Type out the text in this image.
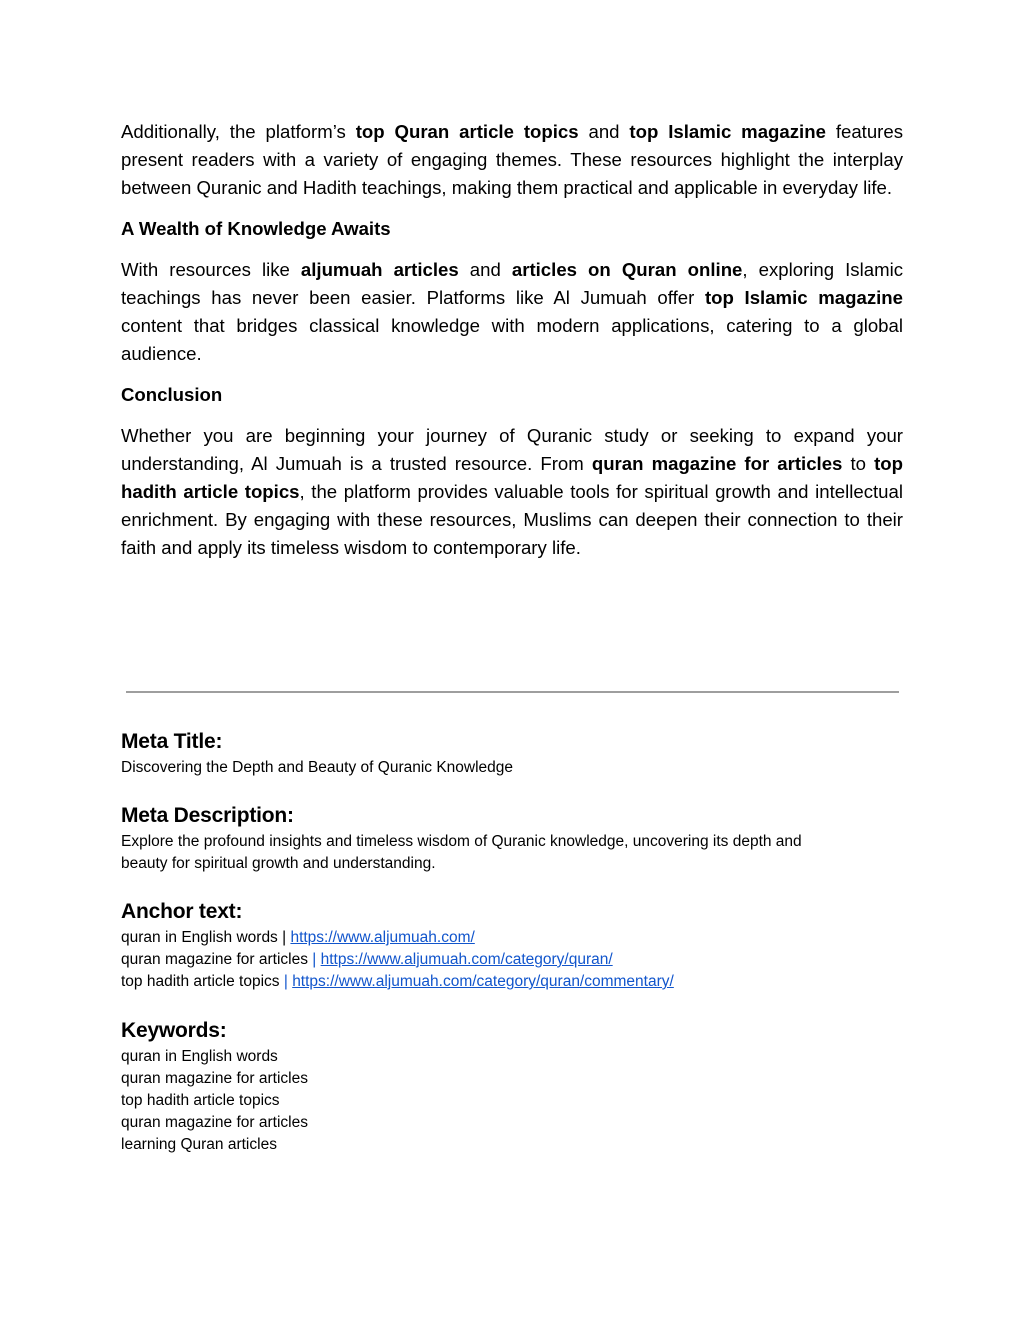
Additionally, the platform’s top Quran article topics and top Islamic magazine features present readers with a variety of engaging themes. These resources highlight the interplay between Quranic and Hadith teachings, making them practical and applicable in everyday life.

A Wealth of Knowledge Awaits

With resources like aljumuah articles and articles on Quran online, exploring Islamic teachings has never been easier. Platforms like Al Jumuah offer top Islamic magazine content that bridges classical knowledge with modern applications, catering to a global audience.

Conclusion

Whether you are beginning your journey of Quranic study or seeking to expand your understanding, Al Jumuah is a trusted resource. From quran magazine for articles to top hadith article topics, the platform provides valuable tools for spiritual growth and intellectual enrichment. By engaging with these resources, Muslims can deepen their connection to their faith and apply its timeless wisdom to contemporary life.

Meta Title:

Discovering the Depth and Beauty of Quranic Knowledge

Meta Description:

Explore the profound insights and timeless wisdom of Quranic knowledge, uncovering its depth and

beauty for spiritual growth and understanding.

Anchor text:

quran in English words | https://www.aljumuah.com/

quran magazine for articles | https://www.aljumuah.com/category/quran/

top hadith article topics | https://www.aljumuah.com/category/quran/commentary/

Keywords:

quran in English words

quran magazine for articles

top hadith article topics

quran magazine for articles

learning Quran articles
